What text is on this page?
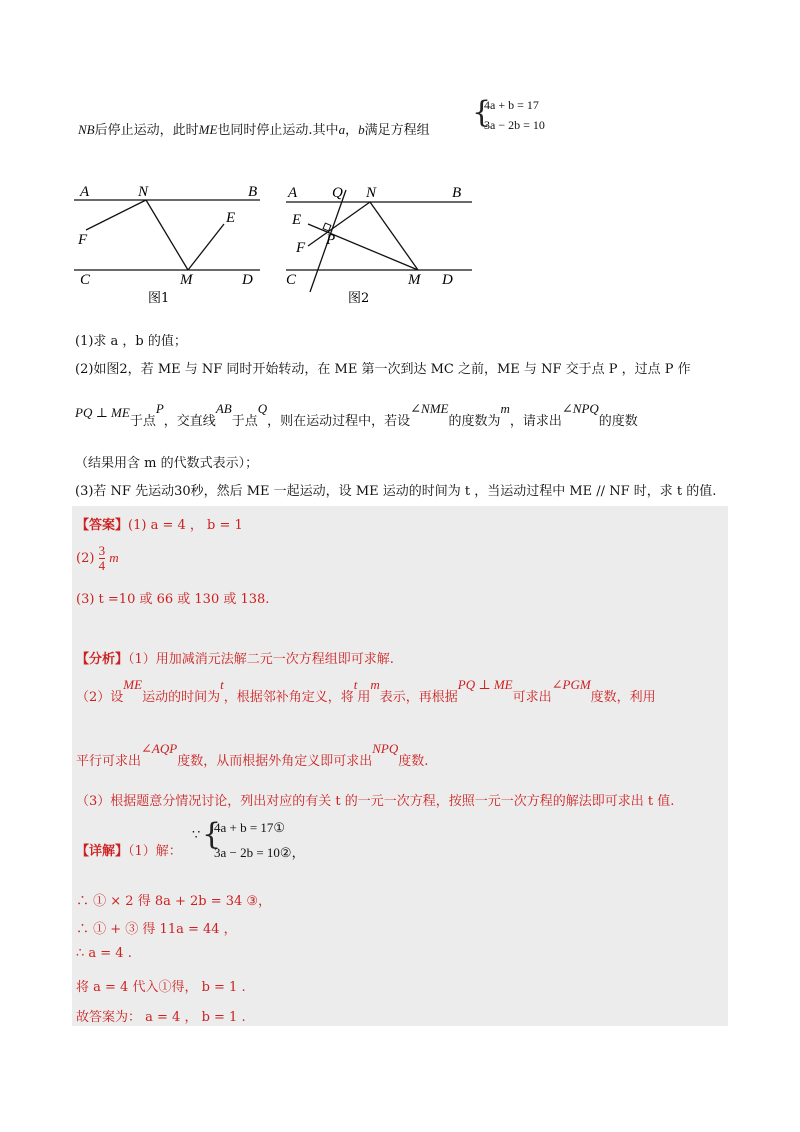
NB后停止运动，此时ME也同时停止运动.其中a，b满足方程组
{
4a + b = 17
3a − 2b = 10
A	N	B
E
F
C	M	D
图1
A Q N	B
E
P
F
C	M D
图2
(1)求 a ，b 的值；
(2)如图2，若 ME 与 NF 同时开始转动，在 ME 第一次到达 MC 之前，ME 与 NF 交于点 P ，过点 P 作
PQ ⊥ ME于点P，交直线AB于点Q，则在运动过程中，若设∠NME的度数为m，请求出∠NPQ的度数
（结果用含 m 的代数式表示）；
(3)若 NF 先运动30秒，然后 ME 一起运动，设 ME 运动的时间为 t ，当运动过程中 ME // NF 时，求 t 的值.
【答案】(1) a = 4 ， b = 1
$(2) \frac{3}{4}$ m
(3) t =10 或 66 或 130 或 138.
【分析】（1）用加减消元法解二元一次方程组即可求解.
（2）设ME运动的时间为t，根据邻补角定义，将t用m表示，再根据PQ ⊥ ME可求出∠PGM度数，利用
平行可求出∠AQP度数，从而根据外角定义即可求出NPQ度数.
（3）根据题意分情况讨论，列出对应的有关 t 的一元一次方程，按照一元一次方程的解法即可求出 t 值.
【详解】（1）解：
∵ {
4a + b = 17①
3a − 2b = 10②，
∴ ① × 2 得 8a + 2b = 34 ③，
∴ ① + ③ 得 11a = 44 ，
∴ a = 4 .
将 a = 4 代入①得， b = 1 .
故答案为： a = 4 ， b = 1 .
